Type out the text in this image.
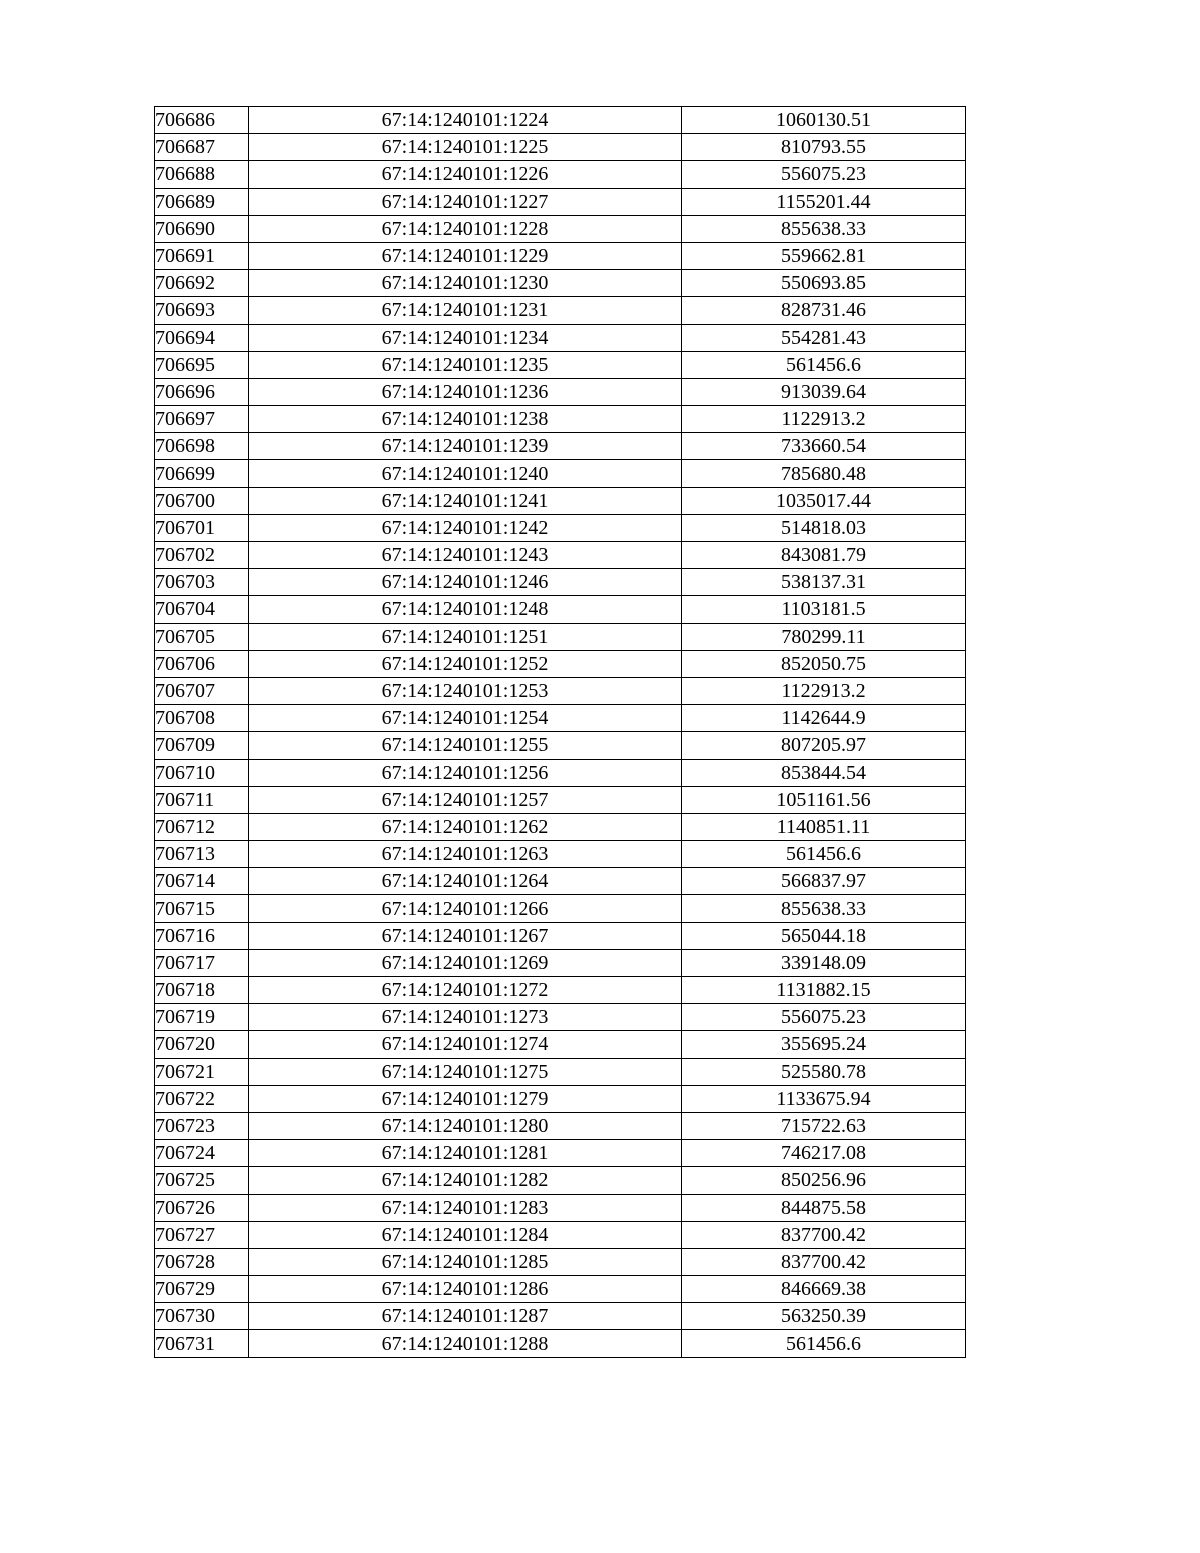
706686	67:14:1240101:1224	1060130.51
706687	67:14:1240101:1225	810793.55
706688	67:14:1240101:1226	556075.23
706689	67:14:1240101:1227	1155201.44
706690	67:14:1240101:1228	855638.33
706691	67:14:1240101:1229	559662.81
706692	67:14:1240101:1230	550693.85
706693	67:14:1240101:1231	828731.46
706694	67:14:1240101:1234	554281.43
706695	67:14:1240101:1235	561456.6
706696	67:14:1240101:1236	913039.64
706697	67:14:1240101:1238	1122913.2
706698	67:14:1240101:1239	733660.54
706699	67:14:1240101:1240	785680.48
706700	67:14:1240101:1241	1035017.44
706701	67:14:1240101:1242	514818.03
706702	67:14:1240101:1243	843081.79
706703	67:14:1240101:1246	538137.31
706704	67:14:1240101:1248	1103181.5
706705	67:14:1240101:1251	780299.11
706706	67:14:1240101:1252	852050.75
706707	67:14:1240101:1253	1122913.2
706708	67:14:1240101:1254	1142644.9
706709	67:14:1240101:1255	807205.97
706710	67:14:1240101:1256	853844.54
706711	67:14:1240101:1257	1051161.56
706712	67:14:1240101:1262	1140851.11
706713	67:14:1240101:1263	561456.6
706714	67:14:1240101:1264	566837.97
706715	67:14:1240101:1266	855638.33
706716	67:14:1240101:1267	565044.18
706717	67:14:1240101:1269	339148.09
706718	67:14:1240101:1272	1131882.15
706719	67:14:1240101:1273	556075.23
706720	67:14:1240101:1274	355695.24
706721	67:14:1240101:1275	525580.78
706722	67:14:1240101:1279	1133675.94
706723	67:14:1240101:1280	715722.63
706724	67:14:1240101:1281	746217.08
706725	67:14:1240101:1282	850256.96
706726	67:14:1240101:1283	844875.58
706727	67:14:1240101:1284	837700.42
706728	67:14:1240101:1285	837700.42
706729	67:14:1240101:1286	846669.38
706730	67:14:1240101:1287	563250.39
706731	67:14:1240101:1288	561456.6
